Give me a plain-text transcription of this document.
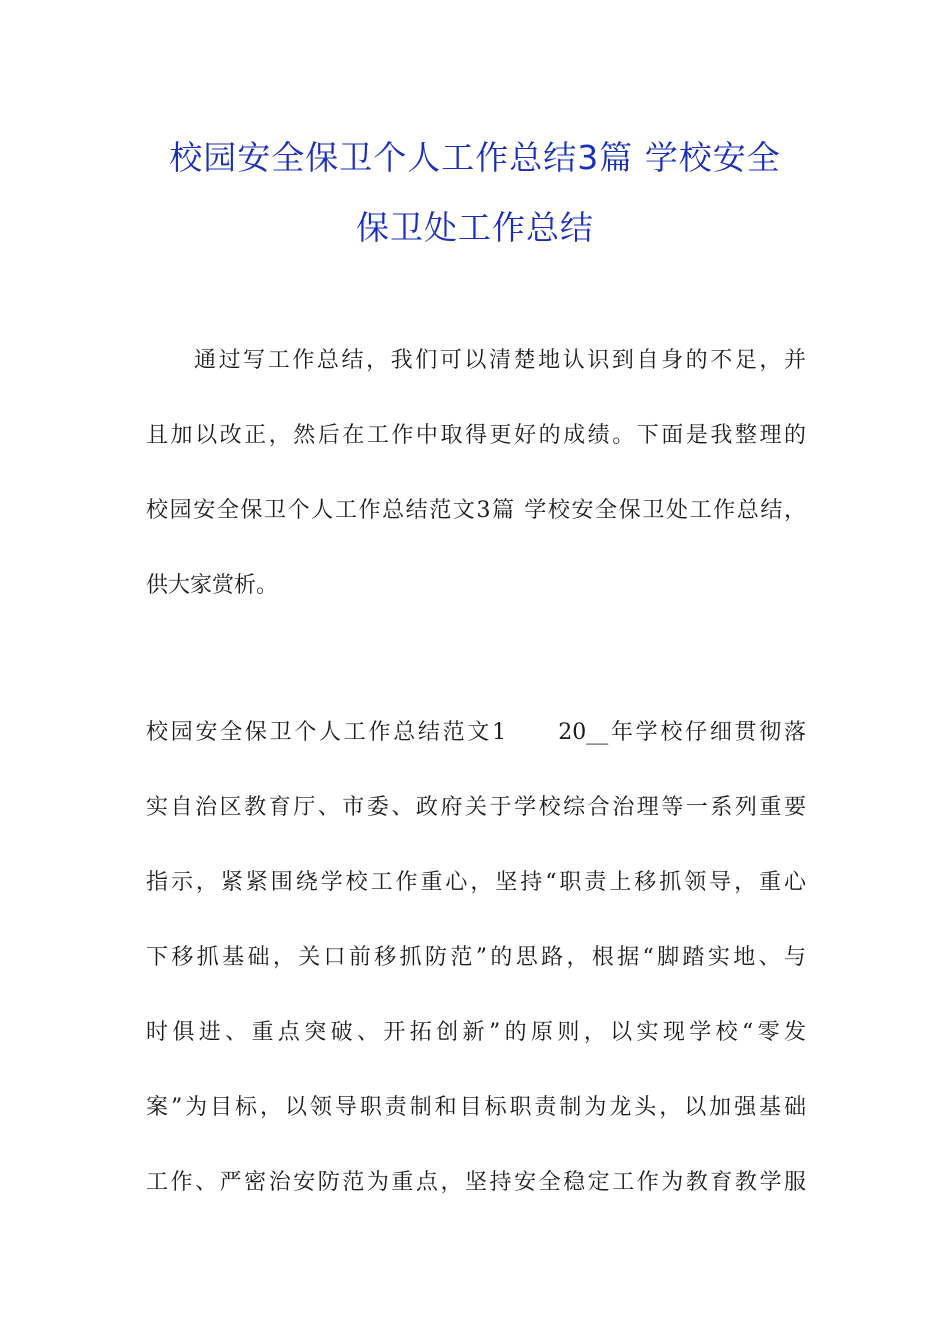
校园安全保卫个人工作总结3篇 学校安全
保卫处工作总结
通过写工作总结，我们可以清楚地认识到自身的不足，并
且加以改正，然后在工作中取得更好的成绩。下面是我整理的
校园安全保卫个人工作总结范文3篇 学校安全保卫处工作总结，
供大家赏析。
校园安全保卫个人工作总结范文1　　20__年学校仔细贯彻落
实自治区教育厅、市委、政府关于学校综合治理等一系列重要
指示，紧紧围绕学校工作重心，坚持“职责上移抓领导，重心
下移抓基础，关口前移抓防范”的思路，根据“脚踏实地、与
时俱进、重点突破、开拓创新”的原则，以实现学校“零发
案”为目标，以领导职责制和目标职责制为龙头，以加强基础
工作、严密治安防范为重点，坚持安全稳定工作为教育教学服
